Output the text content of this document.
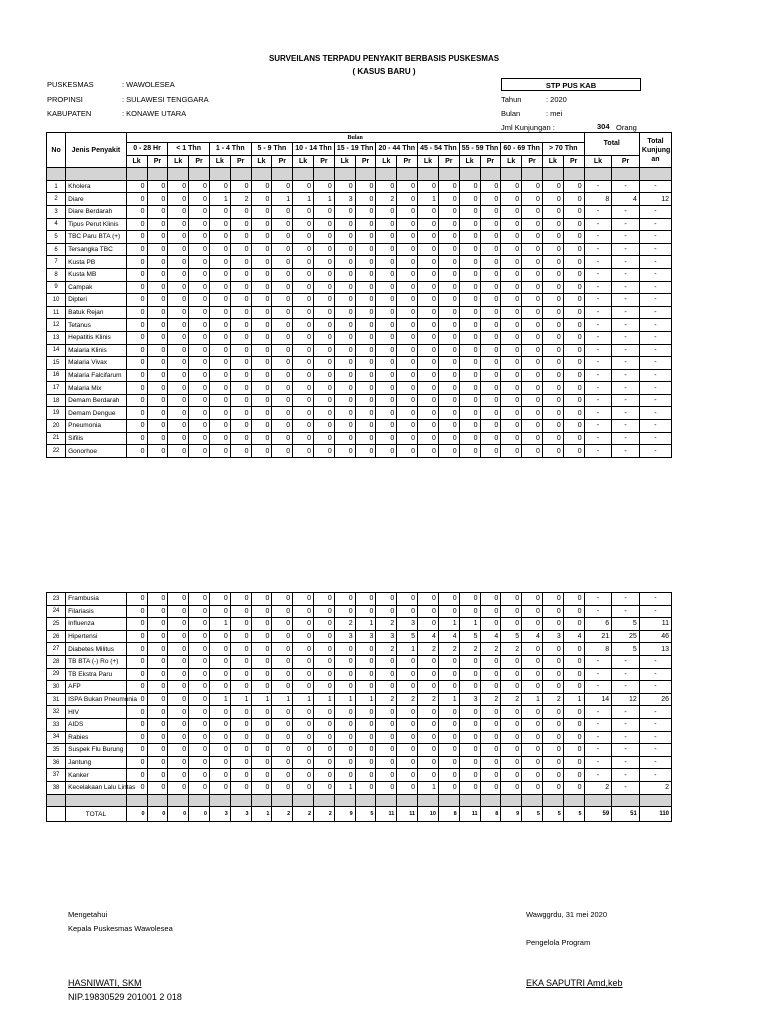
SURVEILANS TERPADU PENYAKIT BERBASIS PUSKESMAS
( KASUS BARU )
PUSKESMAS	: WAWOLESEA
PROPINSI	: SULAWESI TENGGARA
KABUPATEN	: KONAWE UTARA
STP PUS KAB
Tahun	: 2020
Bulan	: mei
Jml Kunjungan :	304 Orang
No	Jenis Penyakit	Bulan																						Total		Total Kunjung an
		0 - 28 Hr		< 1 Thn		1 - 4 Thn		5 - 9 Thn		10 - 14 Thn		15 - 19 Thn		20 - 44 Thn		45 - 54 Thn		55 - 59 Thn		60 - 69 Thn		> 70 Thn				
		Lk	Pr	Lk	Pr	Lk	Pr	Lk	Pr	Lk	Pr	Lk	Pr	Lk	Pr	Lk	Pr	Lk	Pr	Lk	Pr	Lk	Pr	Lk	Pr	

1	Kholera	0	0	0	0	0	0	0	0	0	0	0	0	0	0	0	0	0	0	0	0	0	0	-	-	-
2	Diare	0	0	0	0	1	2	0	1	1	1	3	0	2	0	1	0	0	0	0	0	0	0	8	4	12
3	Diare Berdarah	0	0	0	0	0	0	0	0	0	0	0	0	0	0	0	0	0	0	0	0	0	0	-	-	-
4	Tipus Perut Klinis	0	0	0	0	0	0	0	0	0	0	0	0	0	0	0	0	0	0	0	0	0	0	-	-	-
5	TBC Paru BTA (+)	0	0	0	0	0	0	0	0	0	0	0	0	0	0	0	0	0	0	0	0	0	0	-	-	-
6	Tersangka TBC	0	0	0	0	0	0	0	0	0	0	0	0	0	0	0	0	0	0	0	0	0	0	-	-	-
7	Kusta PB	0	0	0	0	0	0	0	0	0	0	0	0	0	0	0	0	0	0	0	0	0	0	-	-	-
8	Kusta MB	0	0	0	0	0	0	0	0	0	0	0	0	0	0	0	0	0	0	0	0	0	0	-	-	-
9	Campak	0	0	0	0	0	0	0	0	0	0	0	0	0	0	0	0	0	0	0	0	0	0	-	-	-
10	Dipteri	0	0	0	0	0	0	0	0	0	0	0	0	0	0	0	0	0	0	0	0	0	0	-	-	-
11	Batuk Rejan	0	0	0	0	0	0	0	0	0	0	0	0	0	0	0	0	0	0	0	0	0	0	-	-	-
12	Tetanus	0	0	0	0	0	0	0	0	0	0	0	0	0	0	0	0	0	0	0	0	0	0	-	-	-
13	Hepatitis Klinis	0	0	0	0	0	0	0	0	0	0	0	0	0	0	0	0	0	0	0	0	0	0	-	-	-
14	Malaria Klinis	0	0	0	0	0	0	0	0	0	0	0	0	0	0	0	0	0	0	0	0	0	0	-	-	-
15	Malaria Vivax	0	0	0	0	0	0	0	0	0	0	0	0	0	0	0	0	0	0	0	0	0	0	-	-	-
16	Malaria Falcifarum	0	0	0	0	0	0	0	0	0	0	0	0	0	0	0	0	0	0	0	0	0	0	-	-	-
17	Malaria Mix	0	0	0	0	0	0	0	0	0	0	0	0	0	0	0	0	0	0	0	0	0	0	-	-	-
18	Demam Berdarah	0	0	0	0	0	0	0	0	0	0	0	0	0	0	0	0	0	0	0	0	0	0	-	-	-
19	Demam Dengue	0	0	0	0	0	0	0	0	0	0	0	0	0	0	0	0	0	0	0	0	0	0	-	-	-
20	Pneumonia	0	0	0	0	0	0	0	0	0	0	0	0	0	0	0	0	0	0	0	0	0	0	-	-	-
21	Sifilis	0	0	0	0	0	0	0	0	0	0	0	0	0	0	0	0	0	0	0	0	0	0	-	-	-
22	Gonorhoe	0	0	0	0	0	0	0	0	0	0	0	0	0	0	0	0	0	0	0	0	0	0	-	-	-
23	Frambusia	0	0	0	0	0	0	0	0	0	0	0	0	0	0	0	0	0	0	0	0	0	0	-	-	-
24	Filariasis	0	0	0	0	0	0	0	0	0	0	0	0	0	0	0	0	0	0	0	0	0	0	-	-	-
25	Influenza	0	0	0	0	1	0	0	0	0	0	2	1	2	3	0	1	1	0	0	0	0	0	6	5	11
26	Hipertensi	0	0	0	0	0	0	0	0	0	0	3	3	3	5	4	4	5	4	5	4	3	4	21	25	46
27	Diabetes Militus	0	0	0	0	0	0	0	0	0	0	0	0	2	1	2	2	2	2	2	0	0	0	8	5	13
28	TB BTA (-) Ro (+)	0	0	0	0	0	0	0	0	0	0	0	0	0	0	0	0	0	0	0	0	0	0	-	-	-
29	TB Ekstra Paru	0	0	0	0	0	0	0	0	0	0	0	0	0	0	0	0	0	0	0	0	0	0	-	-	-
30	AFP	0	0	0	0	0	0	0	0	0	0	0	0	0	0	0	0	0	0	0	0	0	0	-	-	-
31	ISPA Bukan Pneumonia	0	0	0	0	1	1	1	1	1	1	1	1	2	2	2	1	3	2	2	1	2	1	14	12	26
32	HIV	0	0	0	0	0	0	0	0	0	0	0	0	0	0	0	0	0	0	0	0	0	0	-	-	-
33	AIDS	0	0	0	0	0	0	0	0	0	0	0	0	0	0	0	0	0	0	0	0	0	0	-	-	-
34	Rabies	0	0	0	0	0	0	0	0	0	0	0	0	0	0	0	0	0	0	0	0	0	0	-	-	-
35	Suspek Flu Burung	0	0	0	0	0	0	0	0	0	0	0	0	0	0	0	0	0	0	0	0	0	0	-	-	-
36	Jantung	0	0	0	0	0	0	0	0	0	0	0	0	0	0	0	0	0	0	0	0	0	0	-	-	-
37	Kanker	0	0	0	0	0	0	0	0	0	0	0	0	0	0	0	0	0	0	0	0	0	0	-	-	-
38	Kecelakaan Lalu Lintas	0	0	0	0	0	0	0	0	0	0	1	0	0	0	1	0	0	0	0	0	0	0	2	-	2

	TOTAL	0	0	0	0	3	3	1	2	2	2	9	5	11	11	10	8	11	8	9	5	5	5	59	51	110
Mengetahui
Kepala Puskesmas Wawolesea
Wawggrdu, 31 mei 2020
Pengelola Program
HASNIWATI, SKM
NIP.19830529 201001 2 018
EKA SAPUTRI Amd,keb
